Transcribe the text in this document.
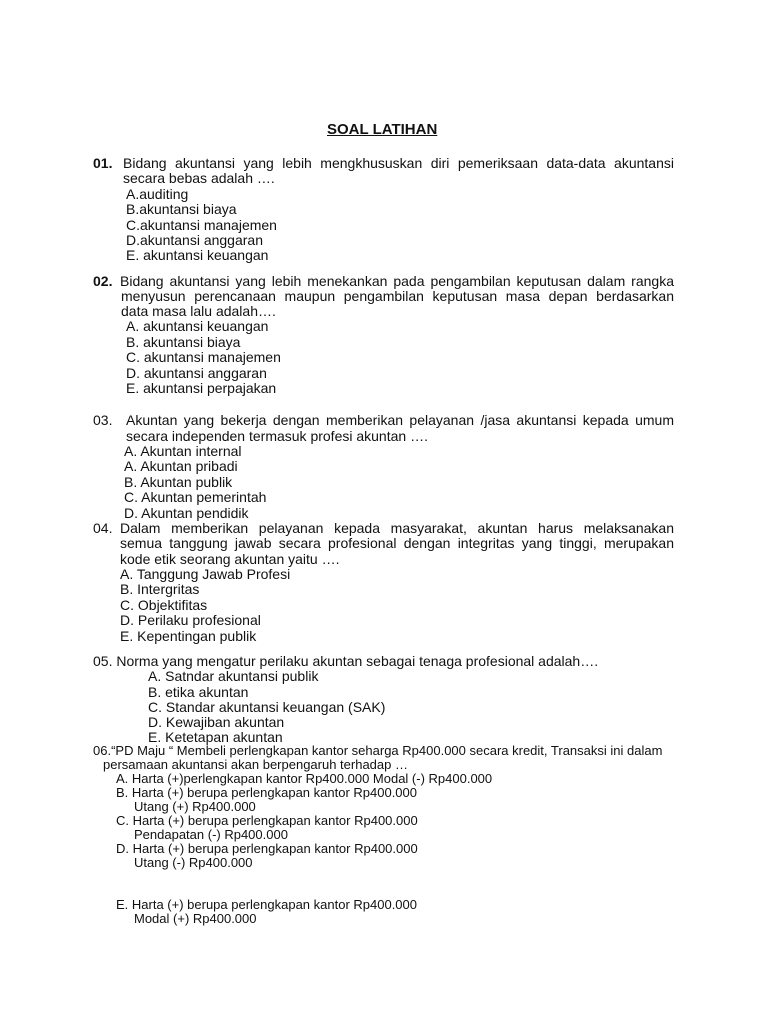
SOAL LATIHAN
01. Bidang akuntansi yang lebih mengkhususkan diri pemeriksaan data-data akuntansi
secara bebas adalah ….
A.auditing
B.akuntansi biaya
C.akuntansi manajemen
D.akuntansi anggaran
E. akuntansi keuangan
02. Bidang akuntansi yang lebih menekankan pada pengambilan keputusan dalam rangka
menyusun perencanaan maupun pengambilan keputusan masa depan berdasarkan
data masa lalu adalah….
A. akuntansi keuangan
B. akuntansi biaya
C. akuntansi manajemen
D. akuntansi anggaran
E. akuntansi perpajakan
03. Akuntan yang bekerja dengan memberikan pelayanan /jasa akuntansi kepada umum
secara independen termasuk profesi akuntan ….
A. Akuntan internal
A. Akuntan pribadi
B. Akuntan publik
C. Akuntan pemerintah
D. Akuntan pendidik
04. Dalam memberikan pelayanan kepada masyarakat, akuntan harus melaksanakan
semua tanggung jawab secara profesional dengan integritas yang tinggi, merupakan
kode etik seorang akuntan yaitu ….
A. Tanggung Jawab Profesi
B. Intergritas
C. Objektifitas
D. Perilaku profesional
E. Kepentingan publik
05. Norma yang mengatur perilaku akuntan sebagai tenaga profesional adalah….
A. Satndar akuntansi publik
B. etika akuntan
C. Standar akuntansi keuangan (SAK)
D. Kewajiban akuntan
E. Ketetapan akuntan
06.“PD Maju “ Membeli perlengkapan kantor seharga Rp400.000 secara kredit, Transaksi ini dalam
persamaan akuntansi akan berpengaruh terhadap …
A. Harta (+)perlengkapan kantor Rp400.000 Modal (-) Rp400.000
B. Harta (+) berupa perlengkapan kantor Rp400.000
Utang (+) Rp400.000
C. Harta (+) berupa perlengkapan kantor Rp400.000
Pendapatan (-) Rp400.000
D. Harta (+) berupa perlengkapan kantor Rp400.000
Utang (-) Rp400.000
E. Harta (+) berupa perlengkapan kantor Rp400.000
Modal (+) Rp400.000
